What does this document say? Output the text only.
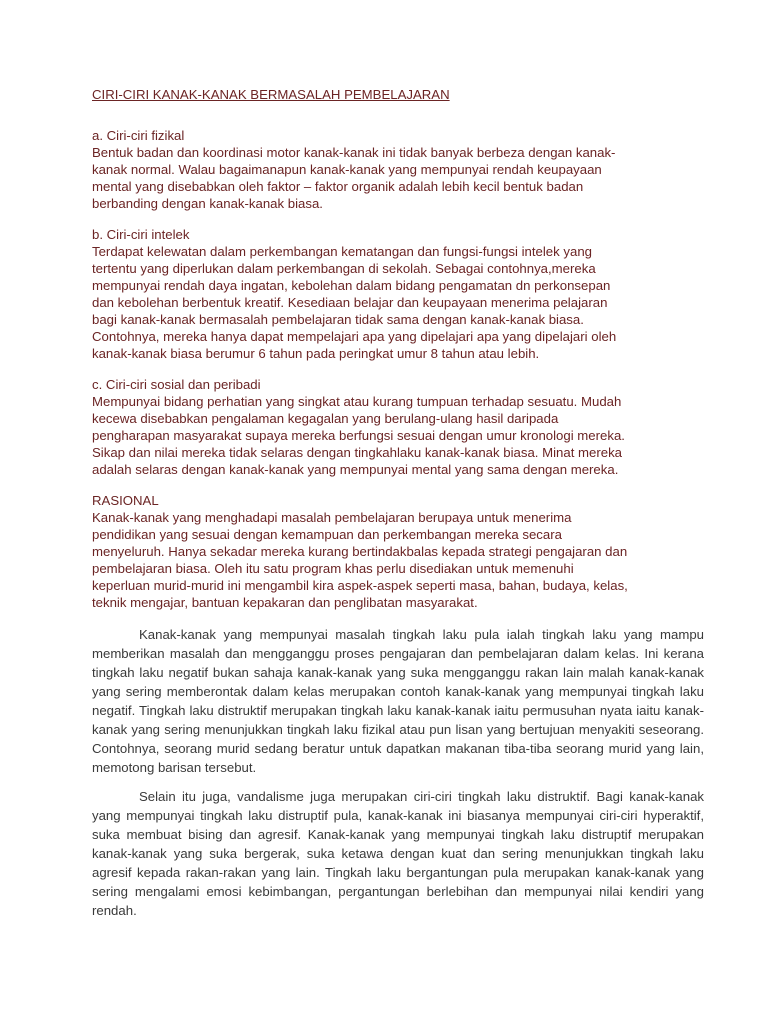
CIRI-CIRI KANAK-KANAK BERMASALAH PEMBELAJARAN

a. Ciri-ciri fizikal

Bentuk badan dan koordinasi motor kanak-kanak ini tidak banyak berbeza dengan kanak-
kanak normal. Walau bagaimanapun kanak-kanak yang mempunyai rendah keupayaan
mental yang disebabkan oleh faktor – faktor organik adalah lebih kecil bentuk badan
berbanding dengan kanak-kanak biasa.

b. Ciri-ciri intelek

Terdapat kelewatan dalam perkembangan kematangan dan fungsi-fungsi intelek yang
tertentu yang diperlukan dalam perkembangan di sekolah. Sebagai contohnya,mereka
mempunyai rendah daya ingatan, kebolehan dalam bidang pengamatan dn perkonsepan
dan kebolehan berbentuk kreatif. Kesediaan belajar dan keupayaan menerima pelajaran
bagi kanak-kanak bermasalah pembelajaran tidak sama dengan kanak-kanak biasa.
Contohnya, mereka hanya dapat mempelajari apa yang dipelajari apa yang dipelajari oleh
kanak-kanak biasa berumur 6 tahun pada peringkat umur 8 tahun atau lebih.

c. Ciri-ciri sosial dan peribadi

Mempunyai bidang perhatian yang singkat atau kurang tumpuan terhadap sesuatu. Mudah
kecewa disebabkan pengalaman kegagalan yang berulang-ulang hasil daripada
pengharapan masyarakat supaya mereka berfungsi sesuai dengan umur kronologi mereka.
Sikap dan nilai mereka tidak selaras dengan tingkahlaku kanak-kanak biasa. Minat mereka
adalah selaras dengan kanak-kanak yang mempunyai mental yang sama dengan mereka.

RASIONAL

Kanak-kanak yang menghadapi masalah pembelajaran berupaya untuk menerima
pendidikan yang sesuai dengan kemampuan dan perkembangan mereka secara
menyeluruh. Hanya sekadar mereka kurang bertindakbalas kepada strategi pengajaran dan
pembelajaran biasa. Oleh itu satu program khas perlu disediakan untuk memenuhi
keperluan murid-murid ini mengambil kira aspek-aspek seperti masa, bahan, budaya, kelas,
teknik mengajar, bantuan kepakaran dan penglibatan masyarakat.

Kanak-kanak yang mempunyai masalah tingkah laku pula ialah tingkah laku yang mampu memberikan masalah dan mengganggu proses pengajaran dan pembelajaran dalam kelas. Ini kerana tingkah laku negatif bukan sahaja kanak-kanak yang suka mengganggu rakan lain malah kanak-kanak yang sering memberontak dalam kelas merupakan contoh kanak-kanak yang mempunyai tingkah laku negatif. Tingkah laku distruktif merupakan tingkah laku kanak-kanak iaitu permusuhan nyata iaitu kanak-kanak yang sering menunjukkan tingkah laku fizikal atau pun lisan yang bertujuan menyakiti seseorang. Contohnya, seorang murid sedang beratur untuk dapatkan makanan tiba-tiba seorang murid yang lain, memotong barisan tersebut.

Selain itu juga, vandalisme juga merupakan ciri-ciri tingkah laku distruktif. Bagi kanak-kanak yang mempunyai tingkah laku distruptif pula, kanak-kanak ini biasanya mempunyai ciri-ciri hyperaktif, suka membuat bising dan agresif. Kanak-kanak yang mempunyai tingkah laku distruptif merupakan kanak-kanak yang suka bergerak, suka ketawa dengan kuat dan sering menunjukkan tingkah laku agresif kepada rakan-rakan yang lain. Tingkah laku bergantungan pula merupakan kanak-kanak yang sering mengalami emosi kebimbangan, pergantungan berlebihan dan mempunyai nilai kendiri yang rendah.
